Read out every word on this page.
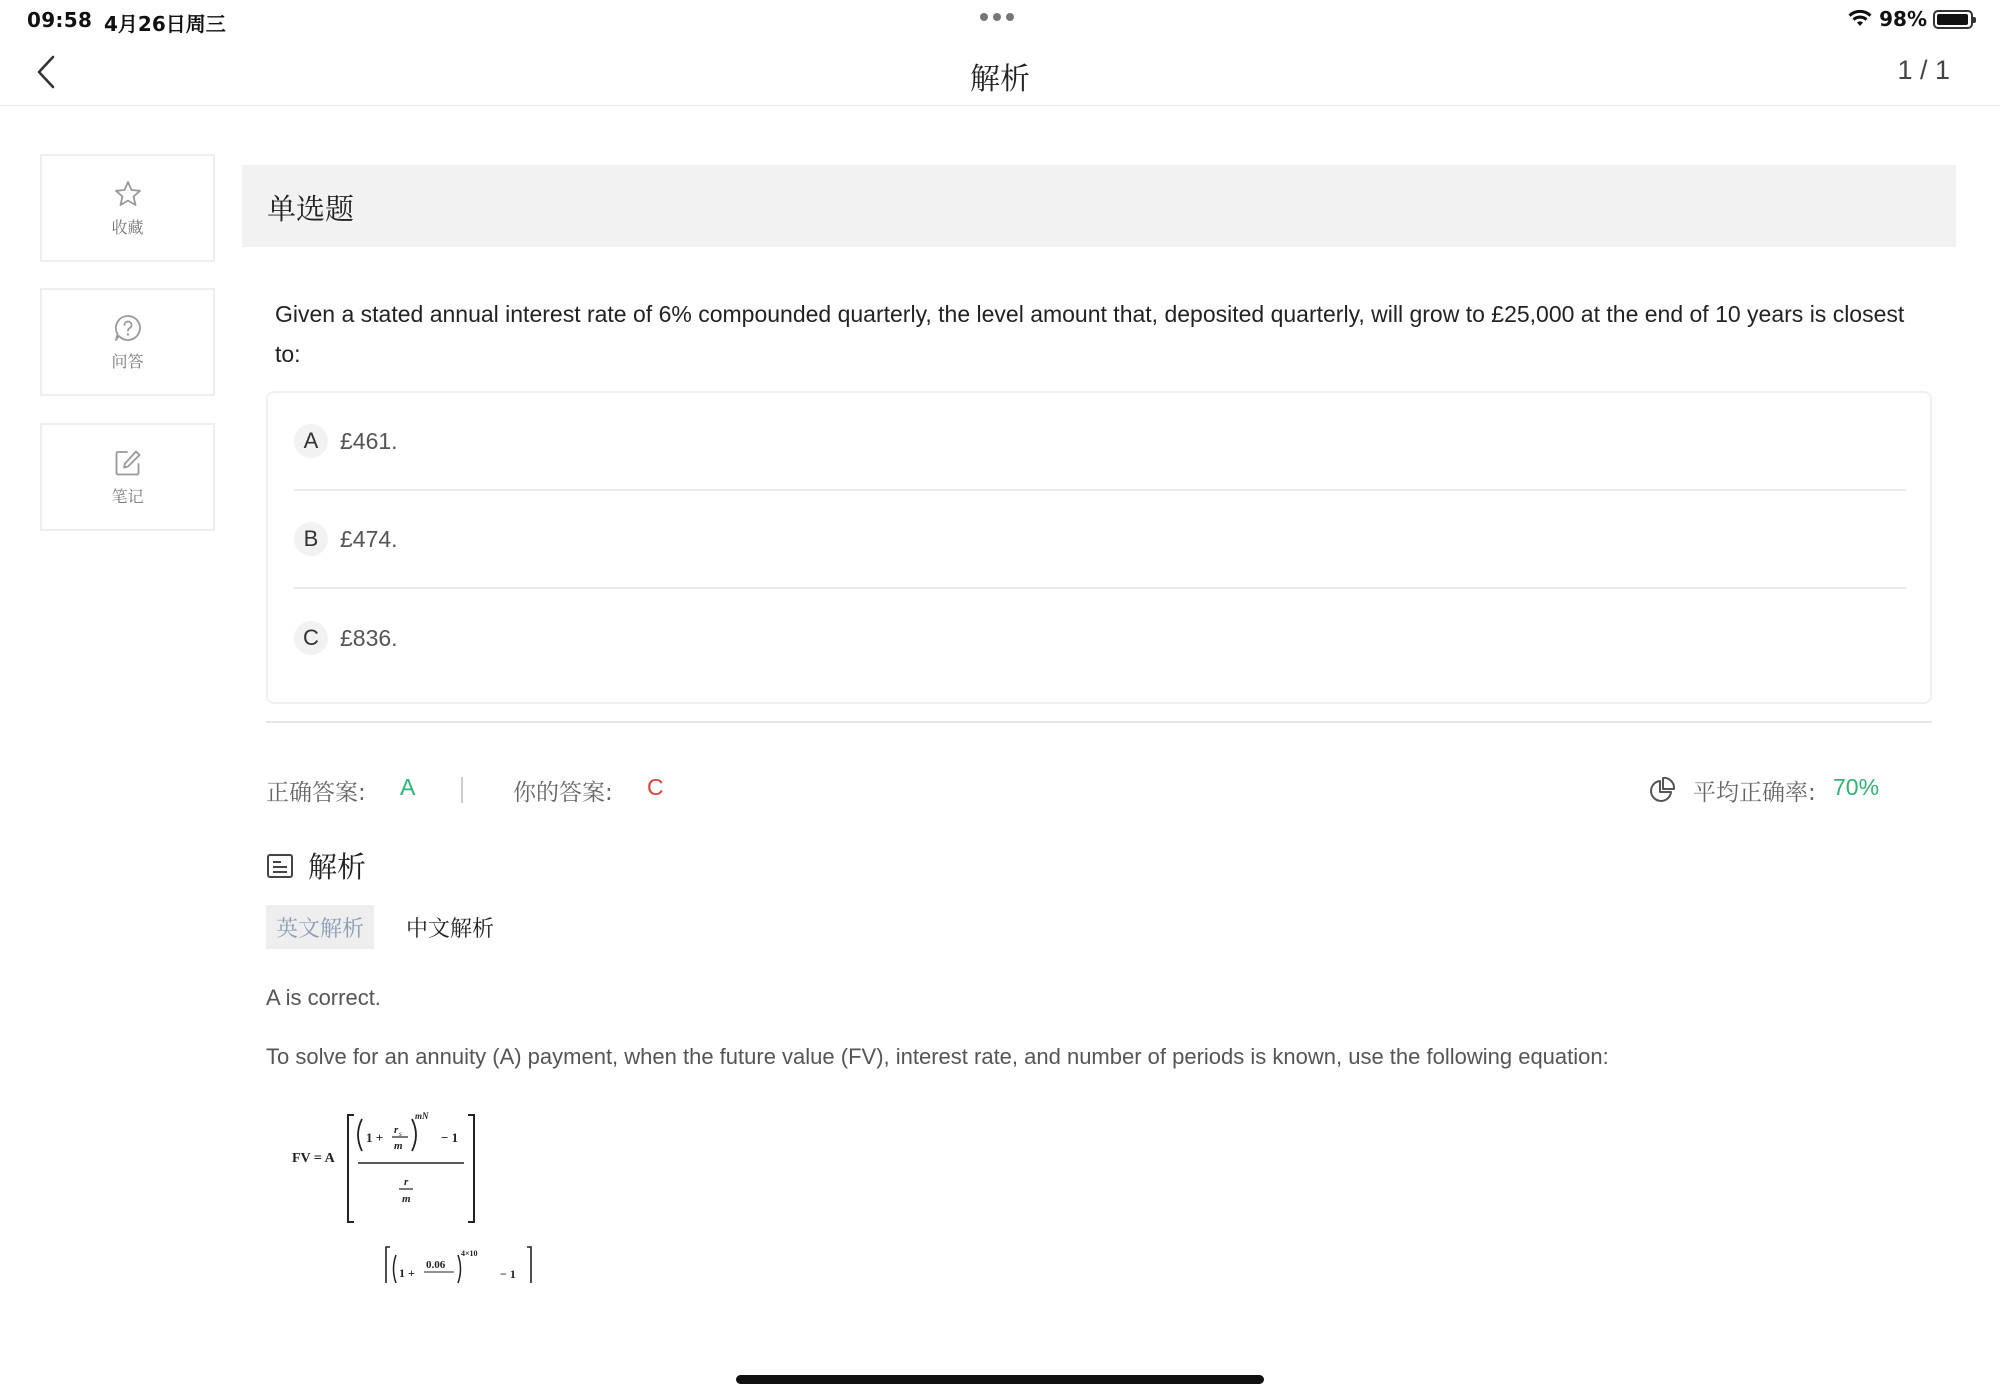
09:58 4月26日周三	98%
解析	1 / 1
收藏
问答
笔记
单选题
Given a stated annual interest rate of 6% compounded quarterly, the level amount that, deposited quarterly, will grow to £25,000 at the end of 10 years is closest to:
A £461.
B £474.
C £836.
正确答案: A	你的答案: C	平均正确率: 70%
解析
英文解析	中文解析
A is correct.
To solve for an annuity (A) payment, when the future value (FV), interest rate, and number of periods is known, use the following equation:
FV = A
1 + r s
m
mN
− 1
r
m
1 +
0.06
4×10
− 1
